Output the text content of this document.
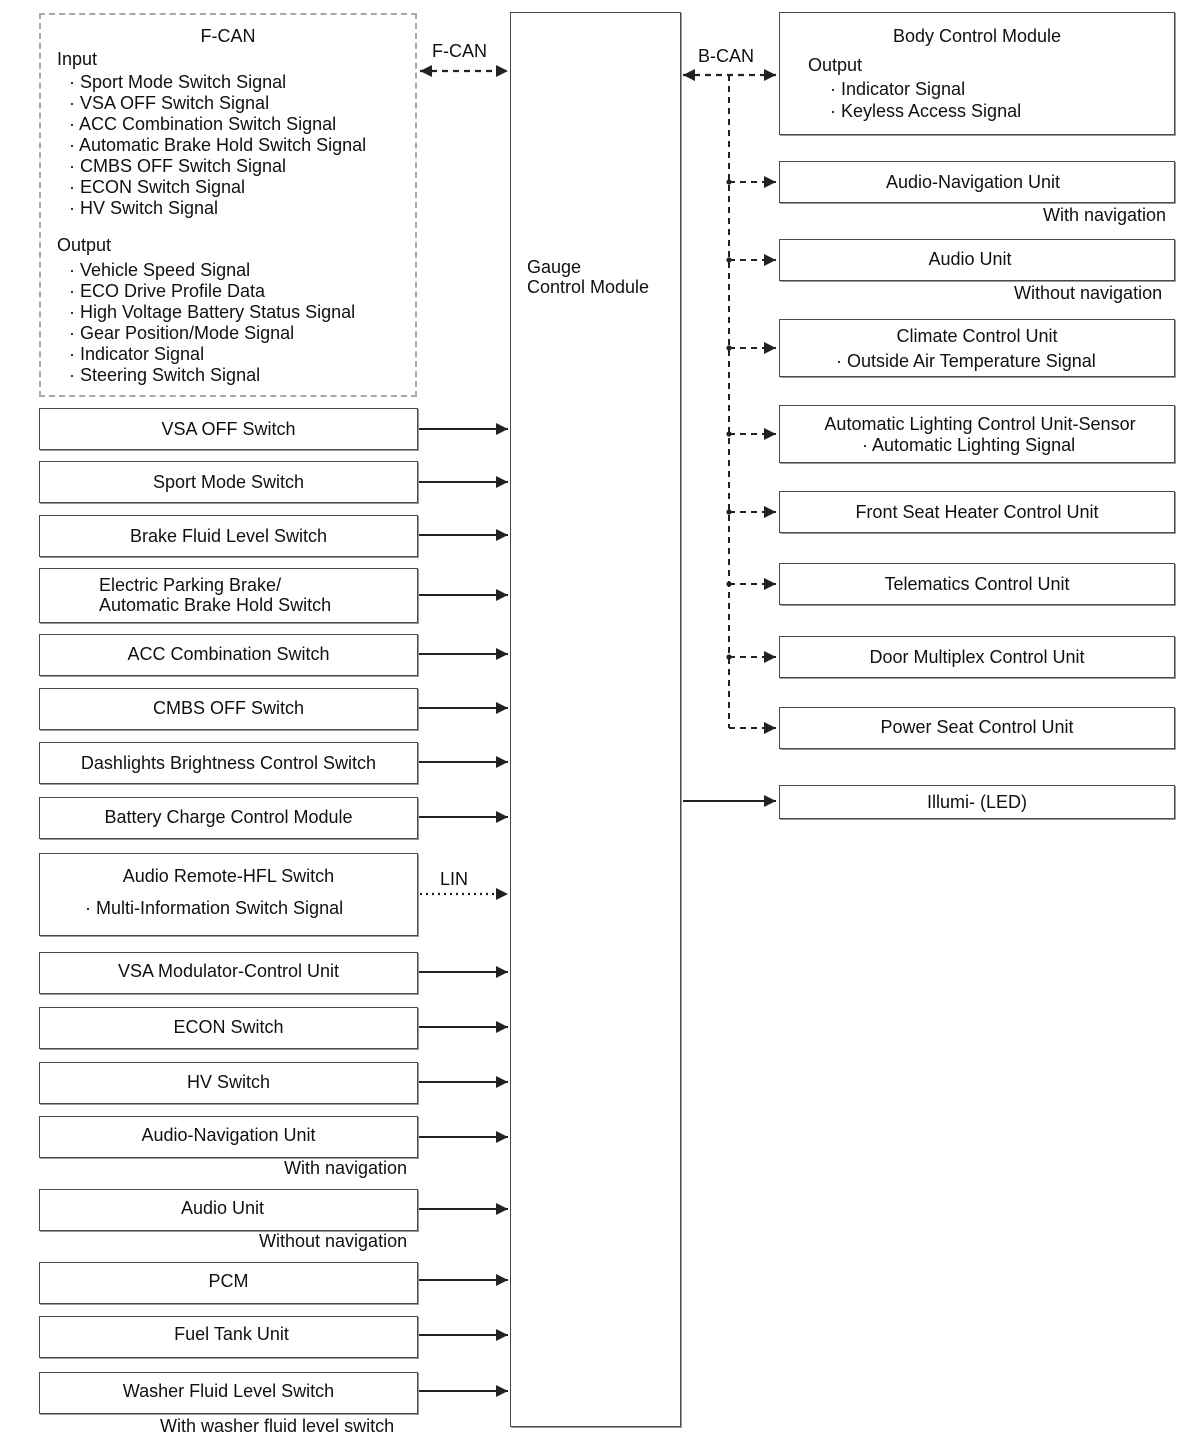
F-CAN
Input
· Sport Mode Switch Signal
· VSA OFF Switch Signal
· ACC Combination Switch Signal
· Automatic Brake Hold Switch Signal
· CMBS OFF Switch Signal
· ECON Switch Signal
· HV Switch Signal
Output
· Vehicle Speed Signal
· ECO Drive Profile Data
· High Voltage Battery Status Signal
· Gear Position/Mode Signal
· Indicator Signal
· Steering Switch Signal
F-CAN	B-CAN
LIN
Gauge
Control Module
VSA OFF Switch
Sport Mode Switch
Brake Fluid Level Switch
Electric Parking Brake/
Automatic Brake Hold Switch
ACC Combination Switch
CMBS OFF Switch
Dashlights Brightness Control Switch
Battery Charge Control Module
Audio Remote-HFL Switch
· Multi-Information Switch Signal
VSA Modulator-Control Unit
ECON Switch
HV Switch
Audio-Navigation Unit
With navigation
Audio Unit
Without navigation
PCM
Fuel Tank Unit
Washer Fluid Level Switch
With washer fluid level switch
Body Control Module
Output
· Indicator Signal
· Keyless Access Signal
Audio-Navigation Unit
With navigation
Audio Unit
Without navigation
Climate Control Unit
· Outside Air Temperature Signal
Automatic Lighting Control Unit-Sensor
· Automatic Lighting Signal
Front Seat Heater Control Unit
Telematics Control Unit
Door Multiplex Control Unit
Power Seat Control Unit
Illumi- (LED)
